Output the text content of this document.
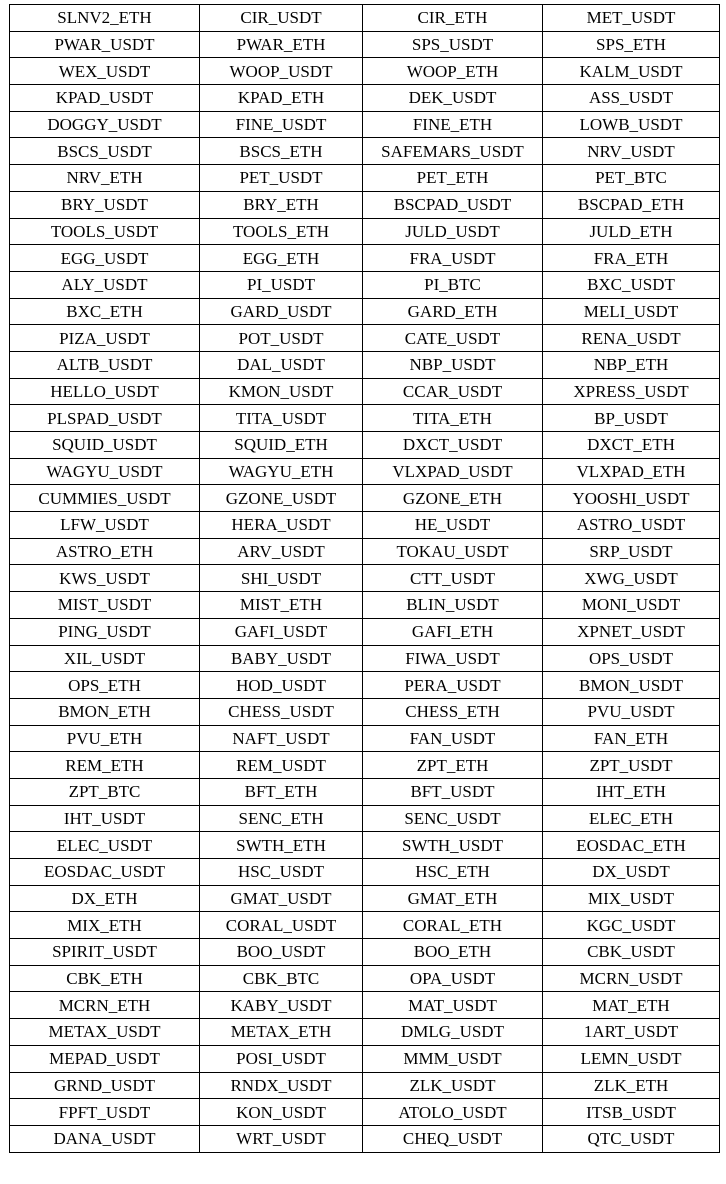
SLNV2_ETH	CIR_USDT	CIR_ETH	MET_USDT
PWAR_USDT	PWAR_ETH	SPS_USDT	SPS_ETH
WEX_USDT	WOOP_USDT	WOOP_ETH	KALM_USDT
KPAD_USDT	KPAD_ETH	DEK_USDT	ASS_USDT
DOGGY_USDT	FINE_USDT	FINE_ETH	LOWB_USDT
BSCS_USDT	BSCS_ETH	SAFEMARS_USDT	NRV_USDT
NRV_ETH	PET_USDT	PET_ETH	PET_BTC
BRY_USDT	BRY_ETH	BSCPAD_USDT	BSCPAD_ETH
TOOLS_USDT	TOOLS_ETH	JULD_USDT	JULD_ETH
EGG_USDT	EGG_ETH	FRA_USDT	FRA_ETH
ALY_USDT	PI_USDT	PI_BTC	BXC_USDT
BXC_ETH	GARD_USDT	GARD_ETH	MELI_USDT
PIZA_USDT	POT_USDT	CATE_USDT	RENA_USDT
ALTB_USDT	DAL_USDT	NBP_USDT	NBP_ETH
HELLO_USDT	KMON_USDT	CCAR_USDT	XPRESS_USDT
PLSPAD_USDT	TITA_USDT	TITA_ETH	BP_USDT
SQUID_USDT	SQUID_ETH	DXCT_USDT	DXCT_ETH
WAGYU_USDT	WAGYU_ETH	VLXPAD_USDT	VLXPAD_ETH
CUMMIES_USDT	GZONE_USDT	GZONE_ETH	YOOSHI_USDT
LFW_USDT	HERA_USDT	HE_USDT	ASTRO_USDT
ASTRO_ETH	ARV_USDT	TOKAU_USDT	SRP_USDT
KWS_USDT	SHI_USDT	CTT_USDT	XWG_USDT
MIST_USDT	MIST_ETH	BLIN_USDT	MONI_USDT
PING_USDT	GAFI_USDT	GAFI_ETH	XPNET_USDT
XIL_USDT	BABY_USDT	FIWA_USDT	OPS_USDT
OPS_ETH	HOD_USDT	PERA_USDT	BMON_USDT
BMON_ETH	CHESS_USDT	CHESS_ETH	PVU_USDT
PVU_ETH	NAFT_USDT	FAN_USDT	FAN_ETH
REM_ETH	REM_USDT	ZPT_ETH	ZPT_USDT
ZPT_BTC	BFT_ETH	BFT_USDT	IHT_ETH
IHT_USDT	SENC_ETH	SENC_USDT	ELEC_ETH
ELEC_USDT	SWTH_ETH	SWTH_USDT	EOSDAC_ETH
EOSDAC_USDT	HSC_USDT	HSC_ETH	DX_USDT
DX_ETH	GMAT_USDT	GMAT_ETH	MIX_USDT
MIX_ETH	CORAL_USDT	CORAL_ETH	KGC_USDT
SPIRIT_USDT	BOO_USDT	BOO_ETH	CBK_USDT
CBK_ETH	CBK_BTC	OPA_USDT	MCRN_USDT
MCRN_ETH	KABY_USDT	MAT_USDT	MAT_ETH
METAX_USDT	METAX_ETH	DMLG_USDT	1ART_USDT
MEPAD_USDT	POSI_USDT	MMM_USDT	LEMN_USDT
GRND_USDT	RNDX_USDT	ZLK_USDT	ZLK_ETH
FPFT_USDT	KON_USDT	ATOLO_USDT	ITSB_USDT
DANA_USDT	WRT_USDT	CHEQ_USDT	QTC_USDT
